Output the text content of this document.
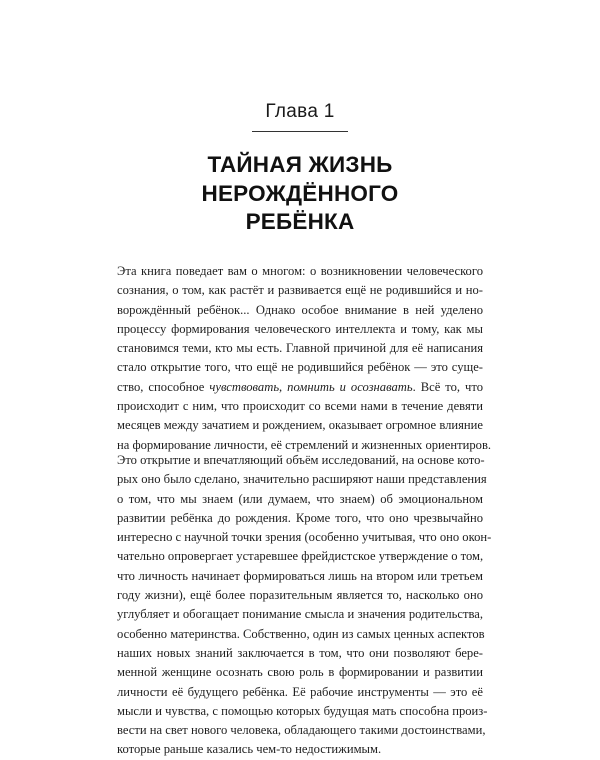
Глава 1
ТАЙНАЯ ЖИЗНЬ
НЕРОЖДЁННОГО
РЕБЁНКА
Эта книга поведает вам о многом: о возникновении человеческого
сознания, о том, как растёт и развивается ещё не родившийся и но-
ворождённый ребёнок... Однако особое внимание в ней уделено
процессу формирования человеческого интеллекта и тому, как мы
становимся теми, кто мы есть. Главной причиной для её написания
стало открытие того, что ещё не родившийся ребёнок — это суще-
ство, способное чувствовать, помнить и осознавать. Всё то, что
происходит с ним, что происходит со всеми нами в течение девяти
месяцев между зачатием и рождением, оказывает огромное влияние
на формирование личности, её стремлений и жизненных ориентиров.
Это открытие и впечатляющий объём исследований, на основе кото-
рых оно было сделано, значительно расширяют наши представления
о том, что мы знаем (или думаем, что знаем) об эмоциональном
развитии ребёнка до рождения. Кроме того, что оно чрезвычайно
интересно с научной точки зрения (особенно учитывая, что оно окон-
чательно опровергает устаревшее фрейдистское утверждение о том,
что личность начинает формироваться лишь на втором или третьем
году жизни), ещё более поразительным является то, насколько оно
углубляет и обогащает понимание смысла и значения родительства,
особенно материнства. Собственно, один из самых ценных аспектов
наших новых знаний заключается в том, что они позволяют бере-
менной женщине осознать свою роль в формировании и развитии
личности её будущего ребёнка. Её рабочие инструменты — это её
мысли и чувства, с помощью которых будущая мать способна произ-
вести на свет нового человека, обладающего такими достоинствами,
которые раньше казались чем-то недостижимым.
